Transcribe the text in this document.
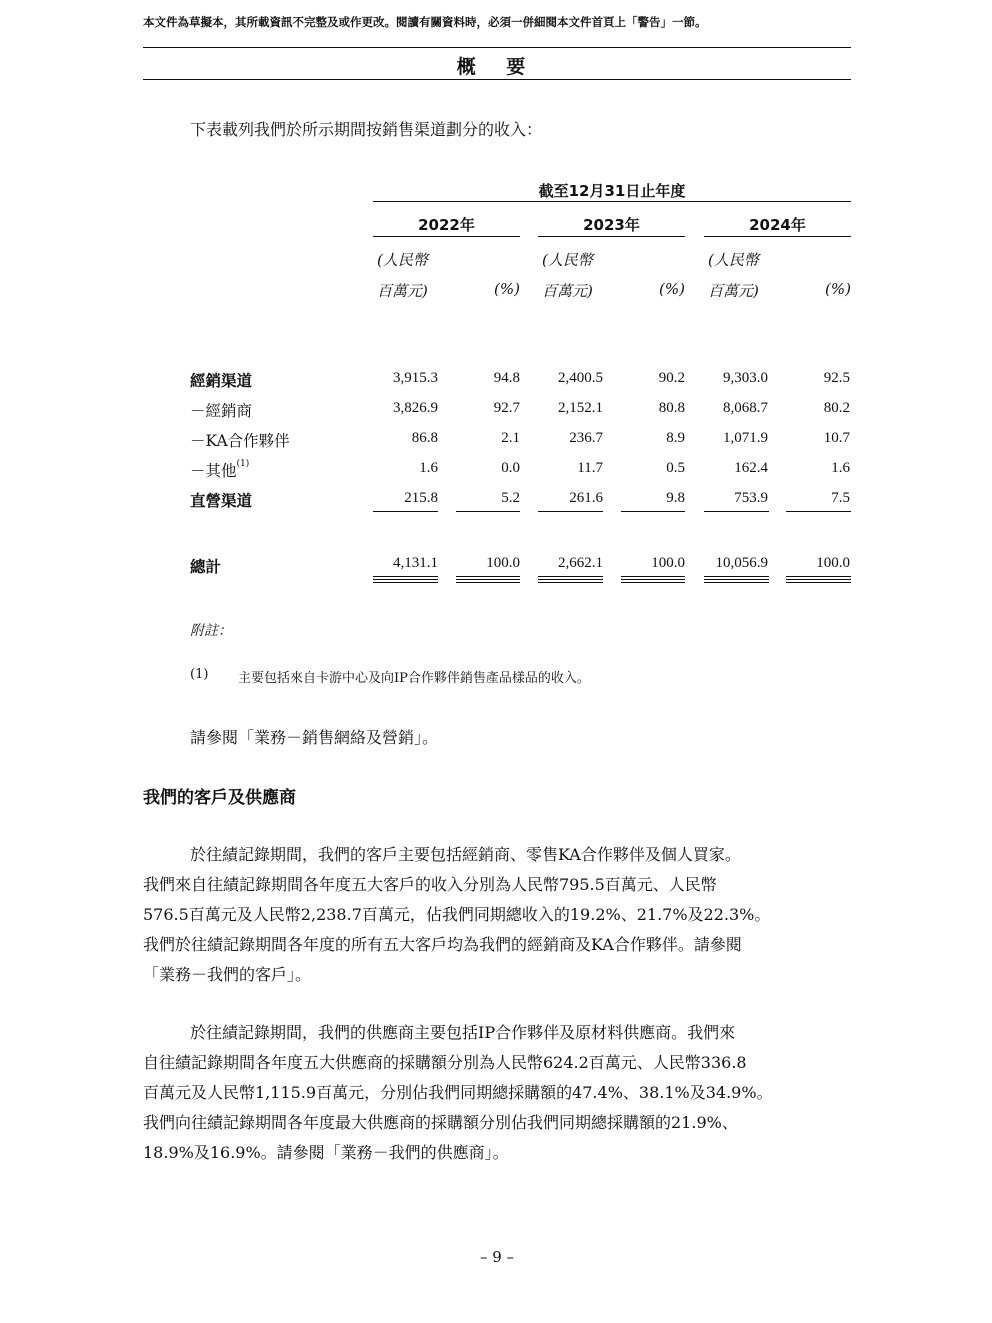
本文件為草擬本，其所載資訊不完整及或作更改。閱讀有關資料時，必須一併細閱本文件首頁上「警告」一節。
概 要
下表載列我們於所示期間按銷售渠道劃分的收入：
截至12月31日止年度
2022年	2023年	2024年
(人民幣
百萬元)	(%)
(人民幣
百萬元)	(%)
(人民幣
百萬元)	(%)
經銷渠道	3,915.3	94.8	2,400.5	90.2	9,303.0	92.5
－經銷商	3,826.9	92.7	2,152.1	80.8	8,068.7	80.2
－KA合作夥伴	86.8	2.1	236.7	8.9	1,071.9	10.7
－其他$^{(1)}$	1.6	0.0	11.7	0.5	162.4	1.6
直營渠道	215.8	5.2	261.6	9.8	753.9	7.5
總計	4,131.1	100.0	2,662.1	100.0	10,056.9	100.0
附註：
(1) 主要包括來自卡游中心及向IP合作夥伴銷售產品樣品的收入。
請參閱「業務－銷售網絡及營銷」。
我們的客戶及供應商
於往績記錄期間，我們的客戶主要包括經銷商、零售KA合作夥伴及個人買家。
我們來自往績記錄期間各年度五大客戶的收入分別為人民幣795.5百萬元、人民幣
576.5百萬元及人民幣2,238.7百萬元，佔我們同期總收入的19.2%、21.7%及22.3%。
我們於往績記錄期間各年度的所有五大客戶均為我們的經銷商及KA合作夥伴。請參閱
「業務－我們的客戶」。
於往績記錄期間，我們的供應商主要包括IP合作夥伴及原材料供應商。我們來
自往績記錄期間各年度五大供應商的採購額分別為人民幣624.2百萬元、人民幣336.8
百萬元及人民幣1,115.9百萬元，分別佔我們同期總採購額的47.4%、38.1%及34.9%。
我們向往績記錄期間各年度最大供應商的採購額分別佔我們同期總採購額的21.9%、
18.9%及16.9%。請參閱「業務－我們的供應商」。
– 9 –
